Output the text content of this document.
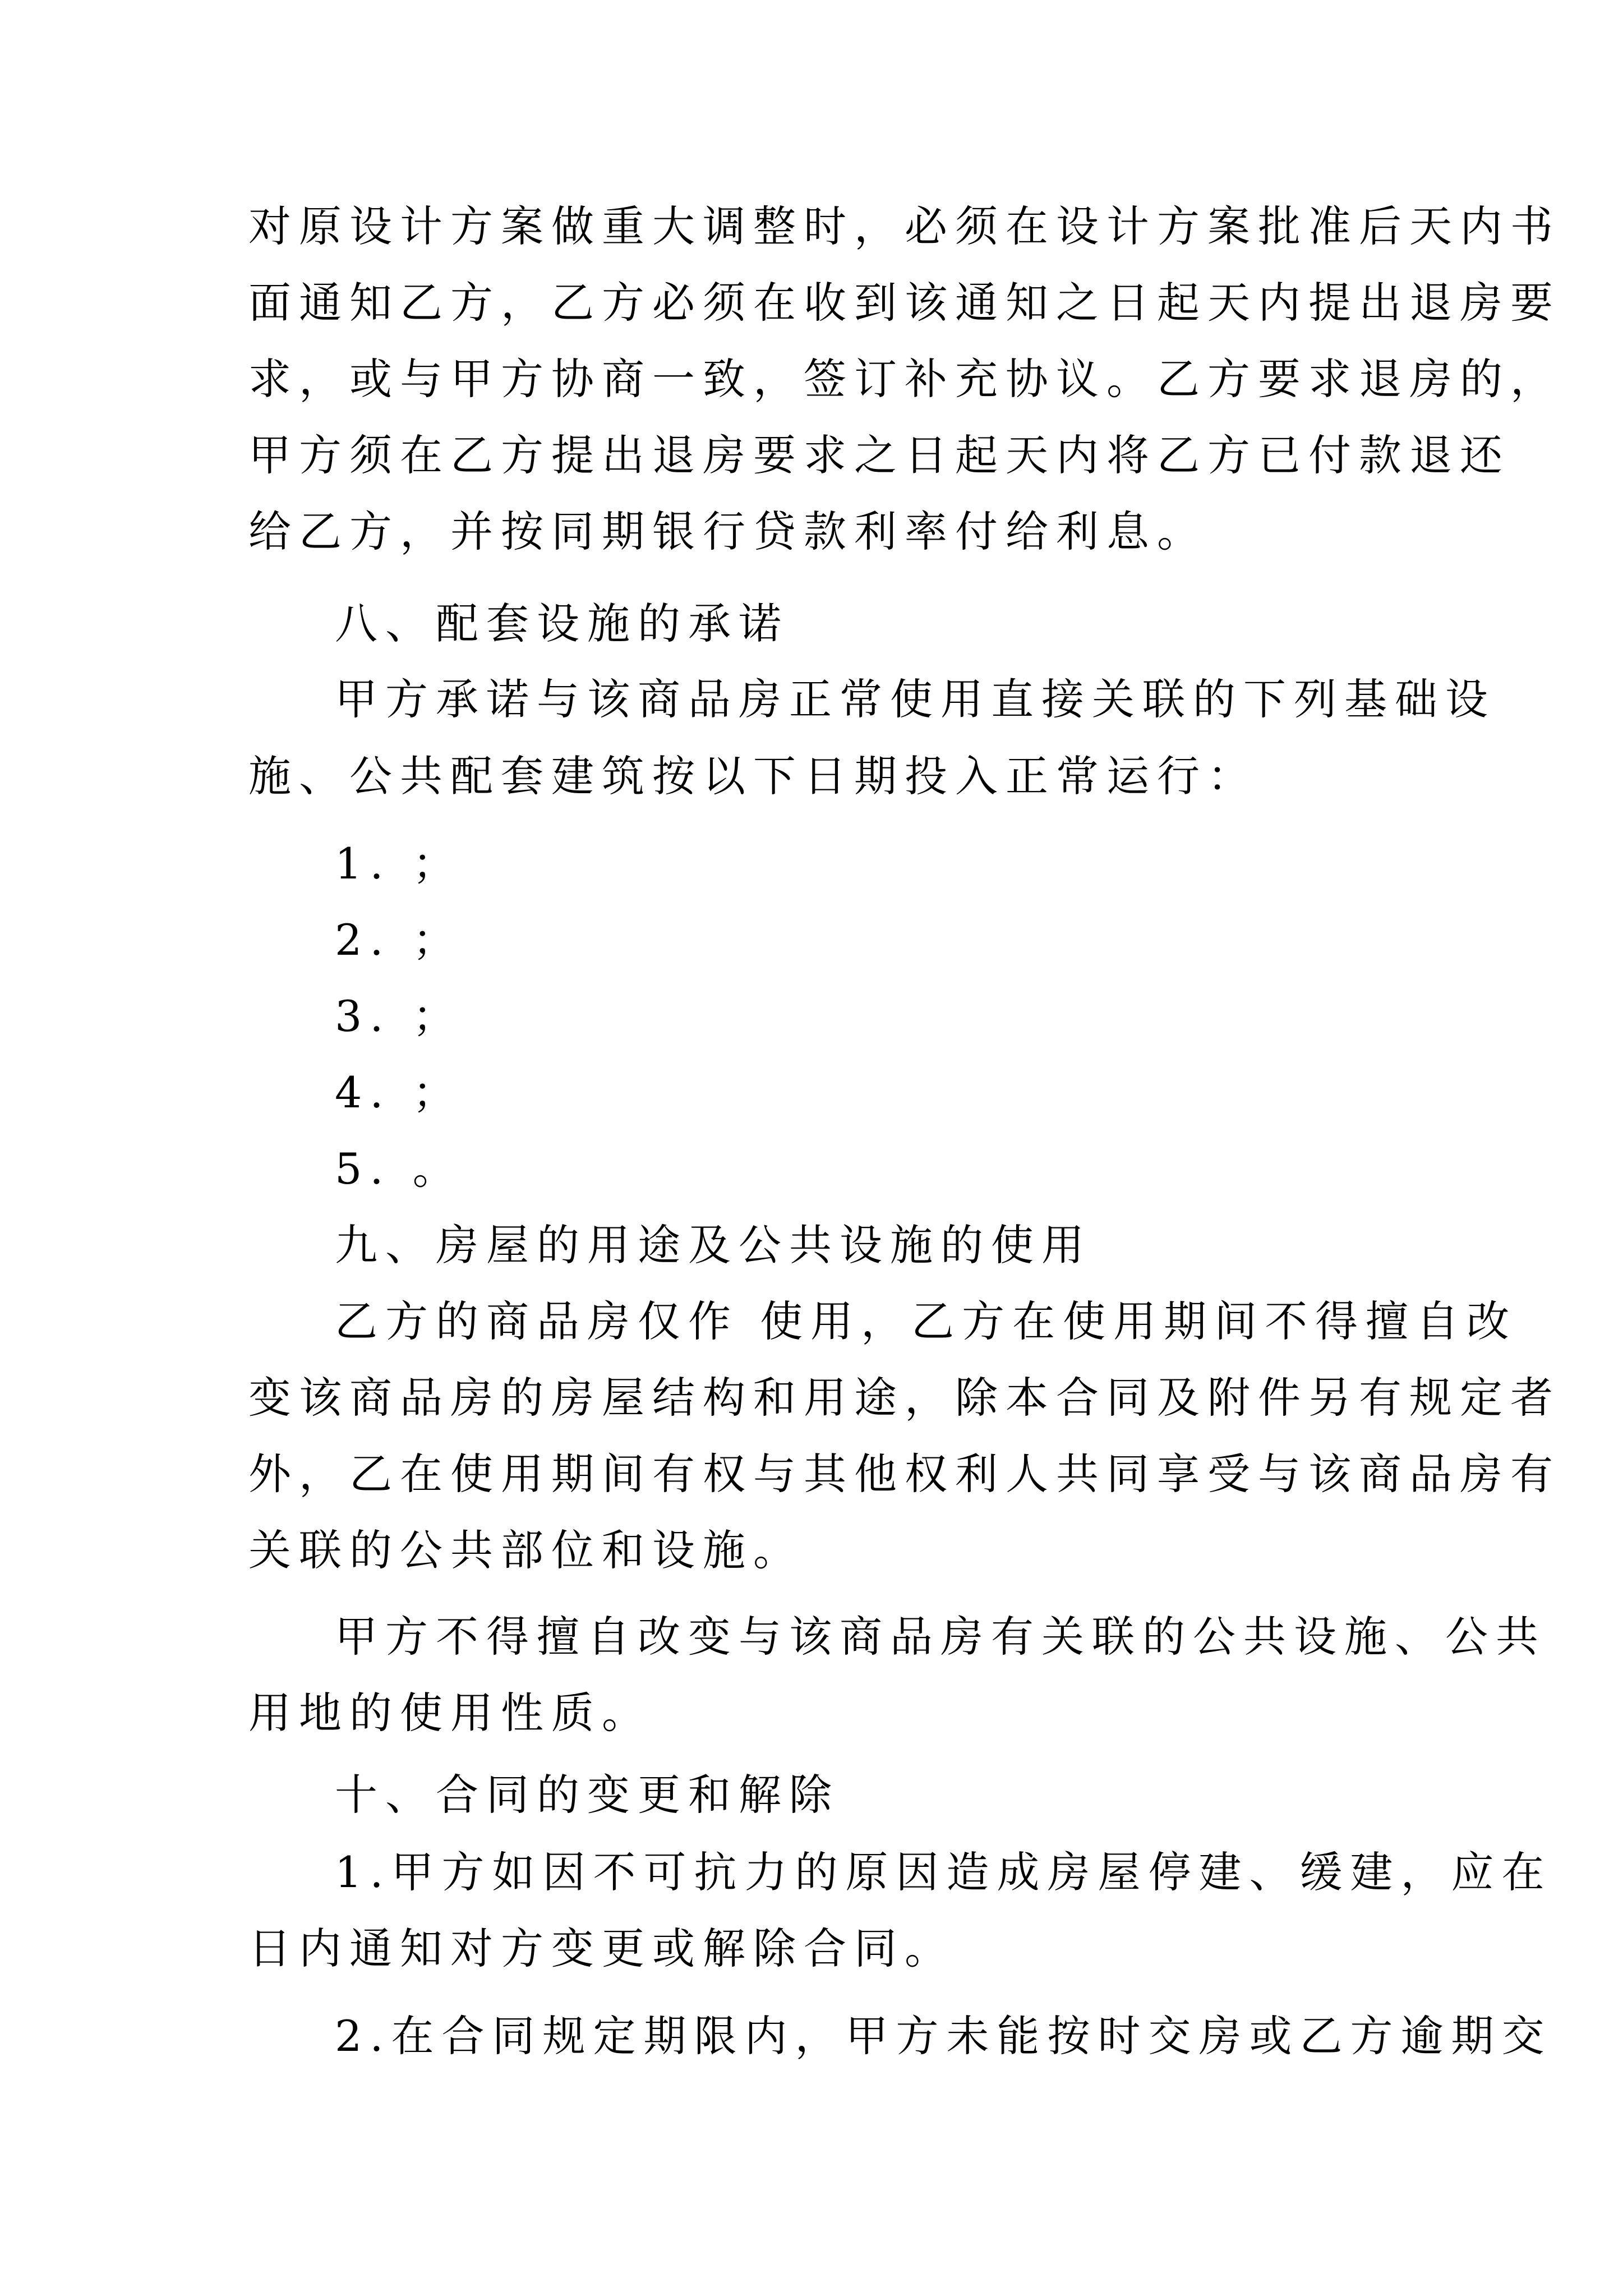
对原设计方案做重大调整时，必须在设计方案批准后天内书
面通知乙方，乙方必须在收到该通知之日起天内提出退房要
求，或与甲方协商一致，签订补充协议。乙方要求退房的，
甲方须在乙方提出退房要求之日起天内将乙方已付款退还
给乙方，并按同期银行贷款利率付给利息。
八、配套设施的承诺
甲方承诺与该商品房正常使用直接关联的下列基础设
施、公共配套建筑按以下日期投入正常运行：
1. ；
2. ；
3. ；
4. ；
5. 。
九、房屋的用途及公共设施的使用
乙方的商品房仅作 使用，乙方在使用期间不得擅自改
变该商品房的房屋结构和用途，除本合同及附件另有规定者
外，乙在使用期间有权与其他权利人共同享受与该商品房有
关联的公共部位和设施。
甲方不得擅自改变与该商品房有关联的公共设施、公共
用地的使用性质。
十、合同的变更和解除
1.甲方如因不可抗力的原因造成房屋停建、缓建，应在
日内通知对方变更或解除合同。
2.在合同规定期限内，甲方未能按时交房或乙方逾期交
